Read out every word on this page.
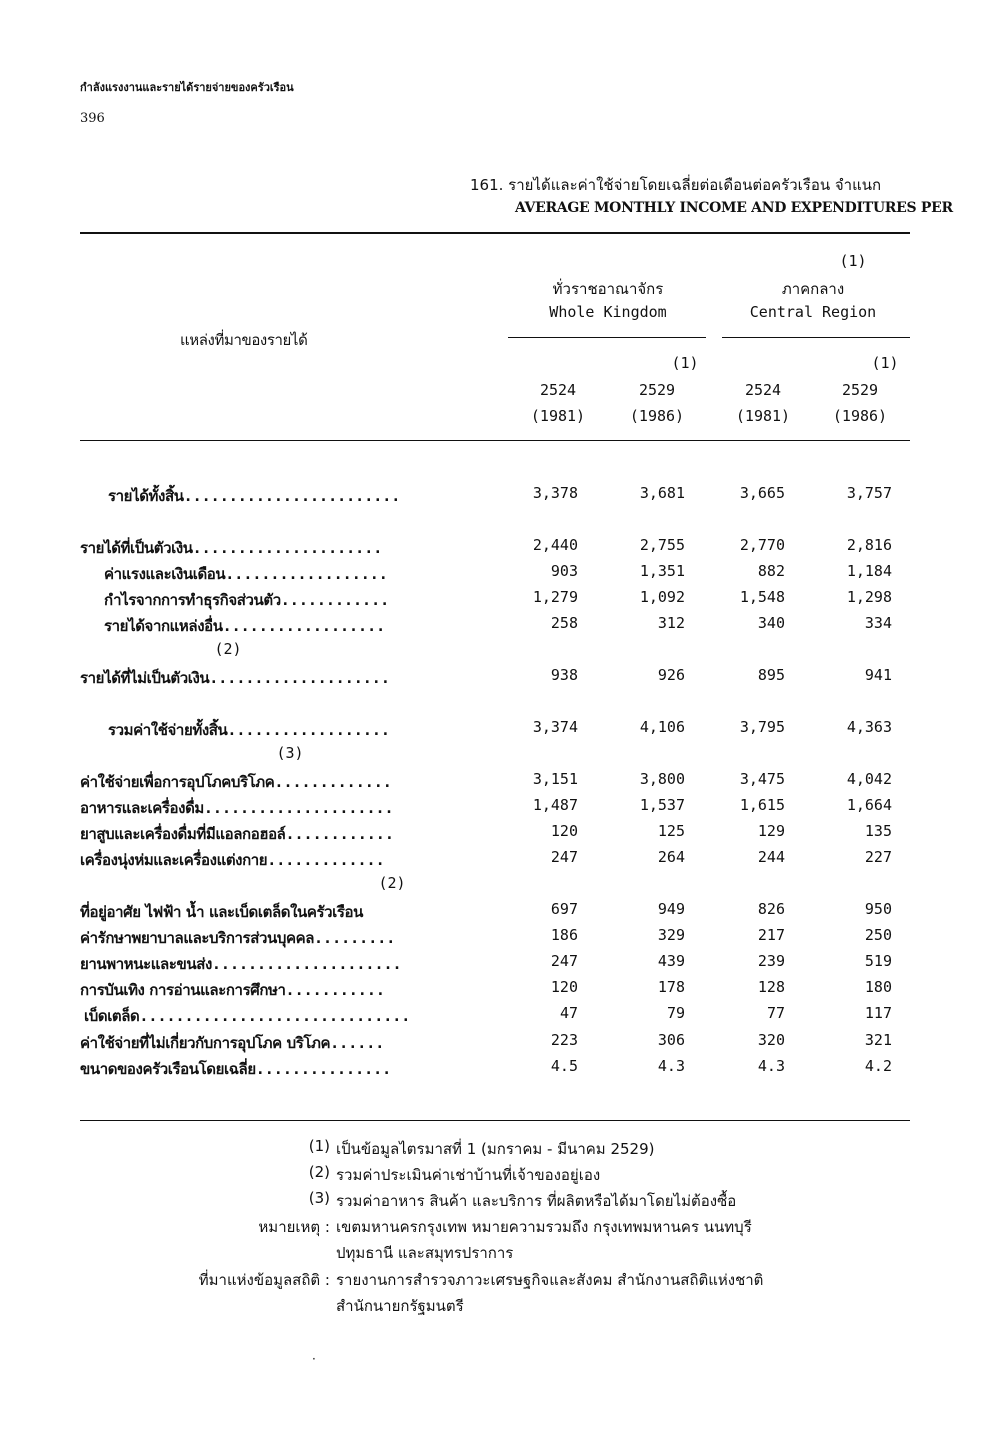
กำลังแรงงานและรายได้รายจ่ายของครัวเรือน
396
161. รายได้และค่าใช้จ่ายโดยเฉลี่ยต่อเดือนต่อครัวเรือน จำแนก
AVERAGE MONTHLY INCOME AND EXPENDITURES PER
แหล่งที่มาของรายได้
(1)
ทั่วราชอาณาจักร	ภาคกลาง
Whole Kingdom	Central Region
(1)	(1)
2524	2529	2524	2529
(1981)	(1986)	(1981)	(1986)
รายได้ทั้งสิ้น........................	3,378	3,681	3,665	3,757
รายได้ที่เป็นตัวเงิน.....................	2,440	2,755	2,770	2,816
ค่าแรงและเงินเดือน..................	903	1,351	882	1,184
กำไรจากการทำธุรกิจส่วนตัว............	1,279	1,092	1,548	1,298
รายได้จากแหล่งอื่น..................	258	312	340	334
รายได้ที่ไม่เป็นตัวเงิน....................	938	926	895	941
รวมค่าใช้จ่ายทั้งสิ้น..................	3,374	4,106	3,795	4,363
ค่าใช้จ่ายเพื่อการอุปโภคบริโภค.............	3,151	3,800	3,475	4,042
อาหารและเครื่องดื่ม.....................	1,487	1,537	1,615	1,664
ยาสูบและเครื่องดื่มที่มีแอลกอฮอล์............	120	125	129	135
เครื่องนุ่งห่มและเครื่องแต่งกาย.............	247	264	244	227
ที่อยู่อาศัย ไฟฟ้า น้ำ และเบ็ดเตล็ดในครัวเรือน	697	949	826	950
ค่ารักษาพยาบาลและบริการส่วนบุคคล.........	186	329	217	250
ยานพาหนะและขนส่ง.....................	247	439	239	519
การบันเทิง การอ่านและการศึกษา...........	120	178	128	180
เบ็ดเตล็ด..............................	47	79	77	117
ค่าใช้จ่ายที่ไม่เกี่ยวกับการอุปโภค บริโภค......	223	306	320	321
ขนาดของครัวเรือนโดยเฉลี่ย...............	4.5	4.3	4.3	4.2
(2)
(3)
(2)
(1) เป็นข้อมูลไตรมาสที่ 1 (มกราคม - มีนาคม 2529)
(2) รวมค่าประเมินค่าเช่าบ้านที่เจ้าของอยู่เอง
(3) รวมค่าอาหาร สินค้า และบริการ ที่ผลิตหรือได้มาโดยไม่ต้องซื้อ
หมายเหตุ : เขตมหานครกรุงเทพ หมายความรวมถึง กรุงเทพมหานคร นนทบุรี
ปทุมธานี และสมุทรปราการ
ที่มาแห่งข้อมูลสถิติ : รายงานการสำรวจภาวะเศรษฐกิจและสังคม สำนักงานสถิติแห่งชาติ
สำนักนายกรัฐมนตรี
·
